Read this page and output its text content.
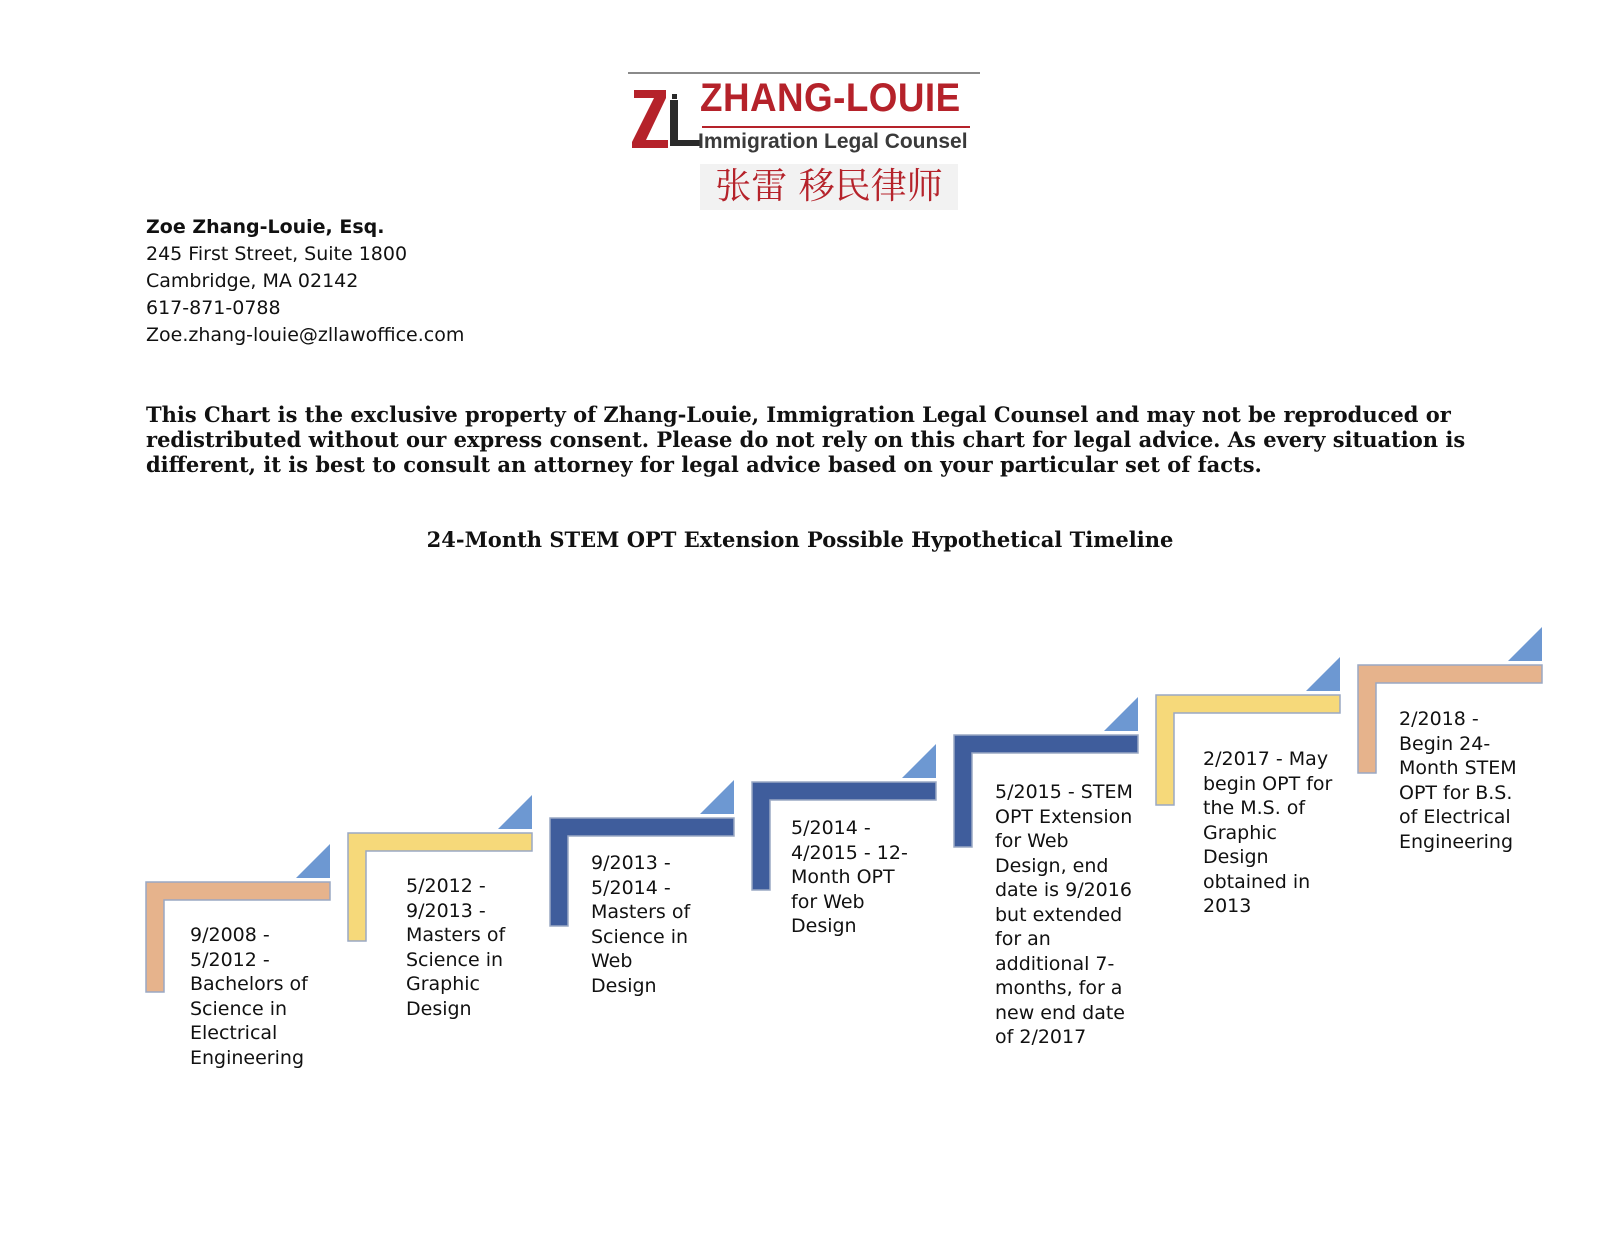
ZHANG-LOUIE
Immigration Legal Counsel
张雷 移民律师
Zoe Zhang-Louie, Esq.
245 First Street, Suite 1800
Cambridge, MA 02142
617-871-0788
Zoe.zhang-louie@zllawoffice.com
This Chart is the exclusive property of Zhang-Louie, Immigration Legal Counsel and may not be reproduced or redistributed without our express consent. Please do not rely on this chart for legal advice. As every situation is different, it is best to consult an attorney for legal advice based on your particular set of facts.
24-Month STEM OPT Extension Possible Hypothetical Timeline
9/2008 -
5/2012 -
Bachelors of
Science in
Electrical
Engineering
5/2012 -
9/2013 -
Masters of
Science in
Graphic
Design
9/2013 -
5/2014 -
Masters of
Science in
Web
Design
5/2014 -
4/2015 - 12-
Month OPT
for Web
Design
5/2015 - STEM
OPT Extension
for Web
Design, end
date is 9/2016
but extended
for an
additional 7-
months, for a
new end date
of 2/2017
2/2017 - May
begin OPT for
the M.S. of
Graphic
Design
obtained in
2013
2/2018 -
Begin 24-
Month STEM
OPT for B.S.
of Electrical
Engineering
